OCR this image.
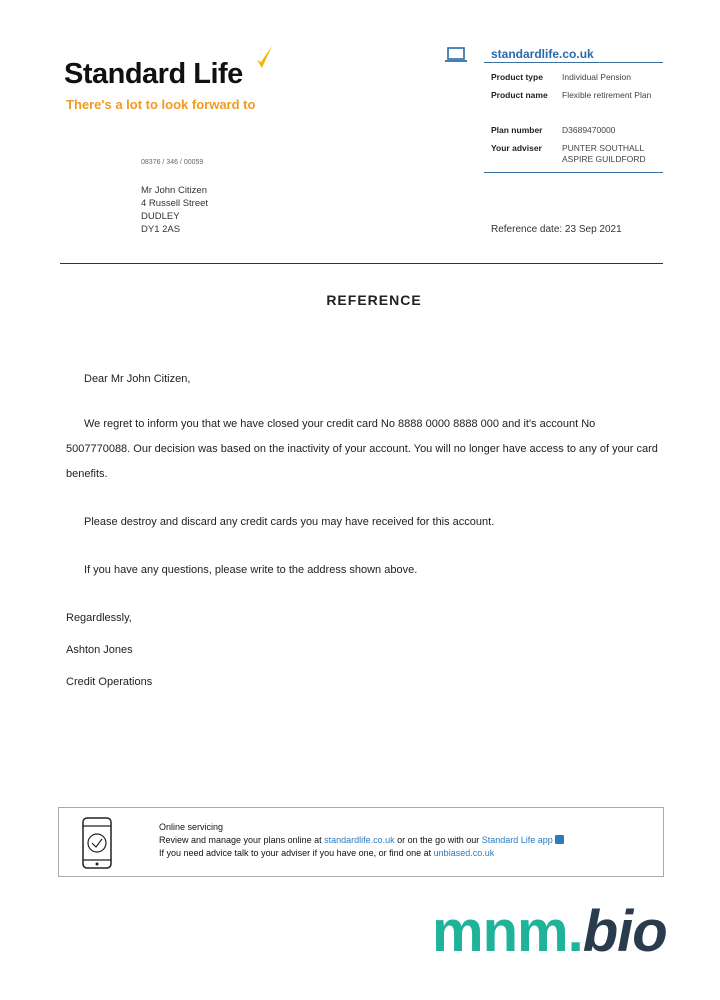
Standard Life
There's a lot to look forward to
standardlife.co.uk
Product type Individual Pension
Product name Flexible retirement Plan
Plan number D3689470000
Your adviser PUNTER SOUTHALL
ASPIRE GUILDFORD
08376 / 346 / 00059
Mr John Citizen
4 Russell Street
DUDLEY
DY1 2AS	Reference date: 23 Sep 2021
REFERENCE
Dear Mr John Citizen,
We regret to inform you that we have closed your credit card No 8888 0000 8888 000 and it's account No 5007770088. Our decision was based on the inactivity of your account. You will no longer have access to any of your card benefits.
Please destroy and discard any credit cards you may have received for this account.
If you have any questions, please write to the address shown above.
Regardlessly,
Ashton Jones
Credit Operations
Online servicing
Review and manage your plans online at standardlife.co.uk or on the go with our Standard Life app
If you need advice talk to your adviser if you have one, or find one at unbiased.co.uk
mnm.bio
